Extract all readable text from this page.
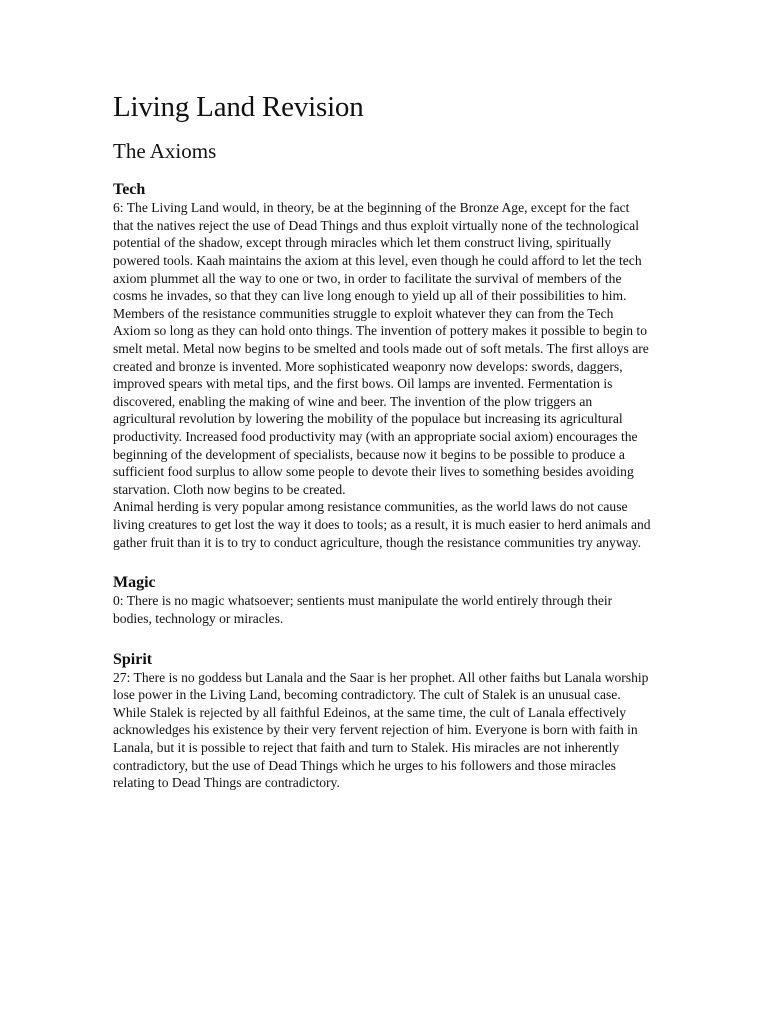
Living Land Revision
The Axioms
Tech

6: The Living Land would, in theory, be at the beginning of the Bronze Age, except for the fact that the natives reject the use of Dead Things and thus exploit virtually none of the technological potential of the shadow, except through miracles which let them construct living, spiritually powered tools. Kaah maintains the axiom at this level, even though he could afford to let the tech axiom plummet all the way to one or two, in order to facilitate the survival of members of the cosms he invades, so that they can live long enough to yield up all of their possibilities to him.

Members of the resistance communities struggle to exploit whatever they can from the Tech Axiom so long as they can hold onto things. The invention of pottery makes it possible to begin to smelt metal. Metal now begins to be smelted and tools made out of soft metals. The first alloys are created and bronze is invented. More sophisticated weaponry now develops: swords, daggers, improved spears with metal tips, and the first bows. Oil lamps are invented. Fermentation is discovered, enabling the making of wine and beer. The invention of the plow triggers an agricultural revolution by lowering the mobility of the populace but increasing its agricultural productivity. Increased food productivity may (with an appropriate social axiom) encourages the beginning of the development of specialists, because now it begins to be possible to produce a sufficient food surplus to allow some people to devote their lives to something besides avoiding starvation. Cloth now begins to be created.

Animal herding is very popular among resistance communities, as the world laws do not cause living creatures to get lost the way it does to tools; as a result, it is much easier to herd animals and gather fruit than it is to try to conduct agriculture, though the resistance communities try anyway.

Magic

0: There is no magic whatsoever; sentients must manipulate the world entirely through their bodies, technology or miracles.

Spirit

27: There is no goddess but Lanala and the Saar is her prophet. All other faiths but Lanala worship lose power in the Living Land, becoming contradictory. The cult of Stalek is an unusual case. While Stalek is rejected by all faithful Edeinos, at the same time, the cult of Lanala effectively acknowledges his existence by their very fervent rejection of him. Everyone is born with faith in Lanala, but it is possible to reject that faith and turn to Stalek. His miracles are not inherently contradictory, but the use of Dead Things which he urges to his followers and those miracles relating to Dead Things are contradictory.
